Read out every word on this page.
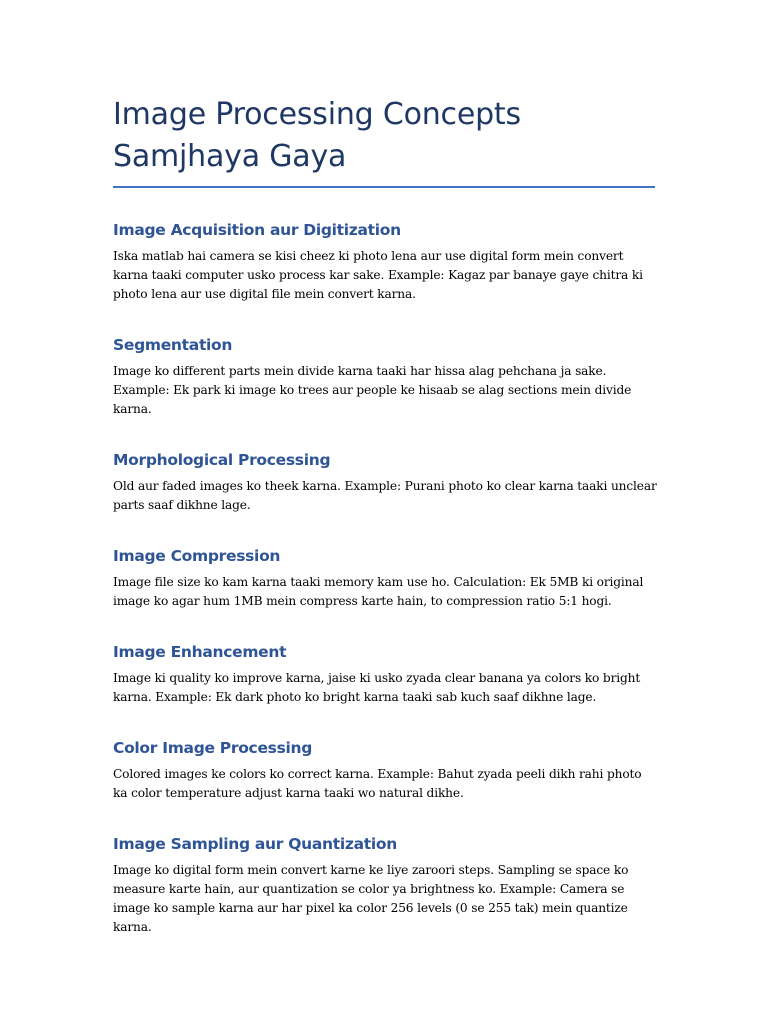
Image Processing Concepts Samjhaya Gaya
Image Acquisition aur Digitization

Iska matlab hai camera se kisi cheez ki photo lena aur use digital form mein convert karna taaki computer usko process kar sake. Example: Kagaz par banaye gaye chitra ki photo lena aur use digital file mein convert karna.

Segmentation

Image ko different parts mein divide karna taaki har hissa alag pehchana ja sake. Example: Ek park ki image ko trees aur people ke hisaab se alag sections mein divide karna.

Morphological Processing

Old aur faded images ko theek karna. Example: Purani photo ko clear karna taaki unclear parts saaf dikhne lage.

Image Compression

Image file size ko kam karna taaki memory kam use ho. Calculation: Ek 5MB ki original image ko agar hum 1MB mein compress karte hain, to compression ratio 5:1 hogi.

Image Enhancement

Image ki quality ko improve karna, jaise ki usko zyada clear banana ya colors ko bright karna. Example: Ek dark photo ko bright karna taaki sab kuch saaf dikhne lage.

Color Image Processing

Colored images ke colors ko correct karna. Example: Bahut zyada peeli dikh rahi photo ka color temperature adjust karna taaki wo natural dikhe.

Image Sampling aur Quantization

Image ko digital form mein convert karne ke liye zaroori steps. Sampling se space ko measure karte hain, aur quantization se color ya brightness ko. Example: Camera se image ko sample karna aur har pixel ka color 256 levels (0 se 255 tak) mein quantize karna.
